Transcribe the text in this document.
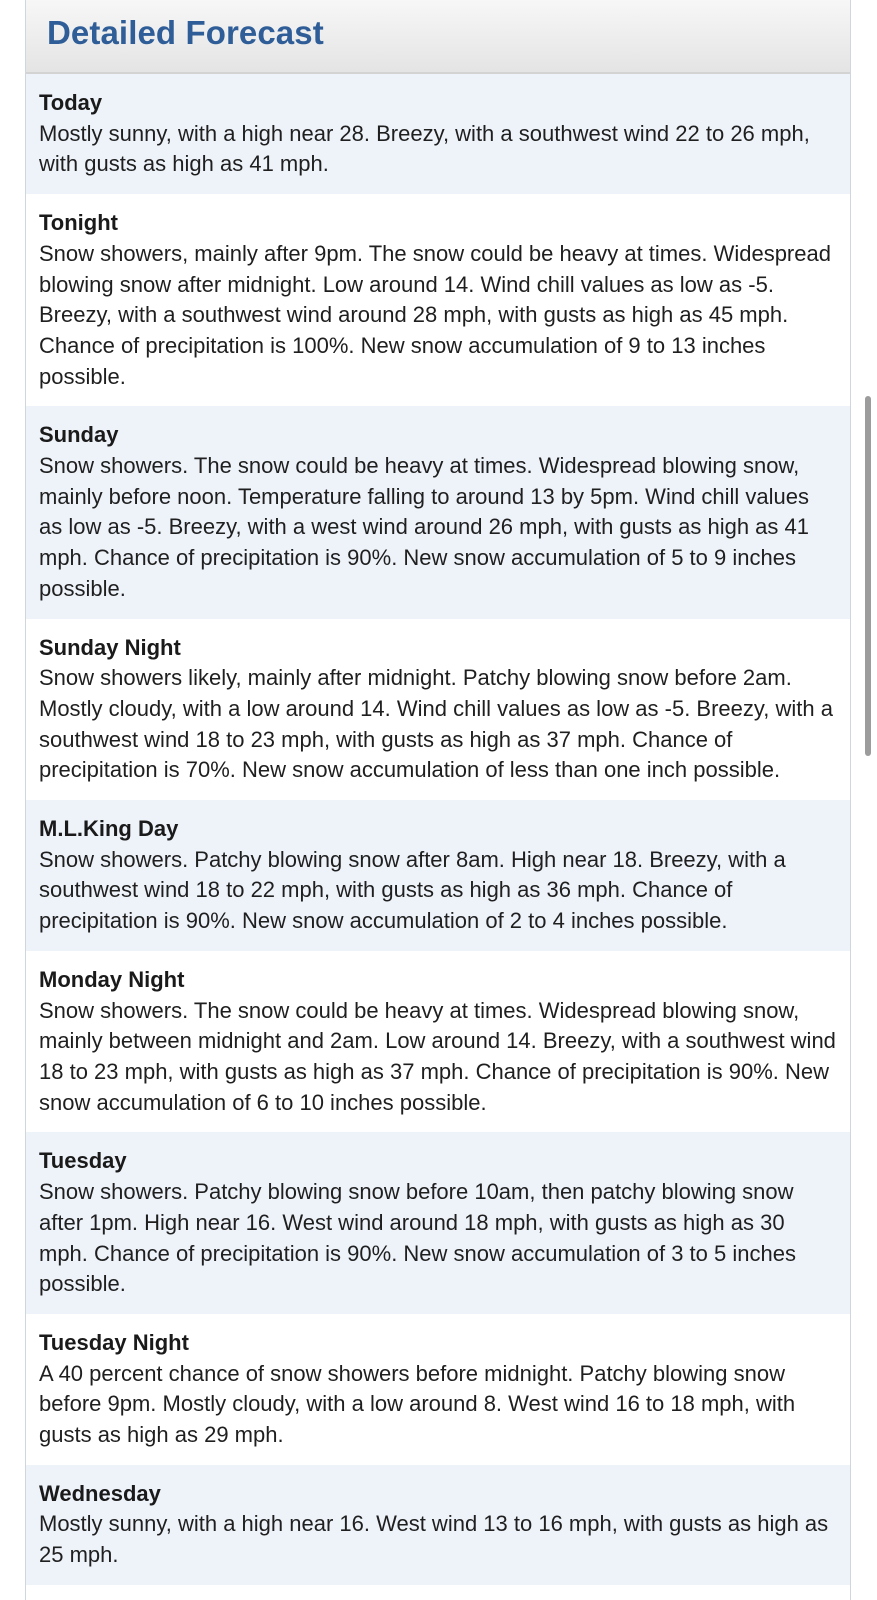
Detailed Forecast
Today
Mostly sunny, with a high near 28. Breezy, with a southwest wind 22 to 26 mph, with gusts as high as 41 mph.
Tonight
Snow showers, mainly after 9pm. The snow could be heavy at times. Widespread blowing snow after midnight. Low around 14. Wind chill values as low as -5. Breezy, with a southwest wind around 28 mph, with gusts as high as 45 mph. Chance of precipitation is 100%. New snow accumulation of 9 to 13 inches possible.
Sunday
Snow showers. The snow could be heavy at times. Widespread blowing snow, mainly before noon. Temperature falling to around 13 by 5pm. Wind chill values as low as -5. Breezy, with a west wind around 26 mph, with gusts as high as 41 mph. Chance of precipitation is 90%. New snow accumulation of 5 to 9 inches possible.
Sunday Night
Snow showers likely, mainly after midnight. Patchy blowing snow before 2am. Mostly cloudy, with a low around 14. Wind chill values as low as -5. Breezy, with a southwest wind 18 to 23 mph, with gusts as high as 37 mph. Chance of precipitation is 70%. New snow accumulation of less than one inch possible.
M.L.King Day
Snow showers. Patchy blowing snow after 8am. High near 18. Breezy, with a southwest wind 18 to 22 mph, with gusts as high as 36 mph. Chance of precipitation is 90%. New snow accumulation of 2 to 4 inches possible.
Monday Night
Snow showers. The snow could be heavy at times. Widespread blowing snow, mainly between midnight and 2am. Low around 14. Breezy, with a southwest wind 18 to 23 mph, with gusts as high as 37 mph. Chance of precipitation is 90%. New snow accumulation of 6 to 10 inches possible.
Tuesday
Snow showers. Patchy blowing snow before 10am, then patchy blowing snow after 1pm. High near 16. West wind around 18 mph, with gusts as high as 30 mph. Chance of precipitation is 90%. New snow accumulation of 3 to 5 inches possible.
Tuesday Night
A 40 percent chance of snow showers before midnight. Patchy blowing snow before 9pm. Mostly cloudy, with a low around 8. West wind 16 to 18 mph, with gusts as high as 29 mph.
Wednesday
Mostly sunny, with a high near 16. West wind 13 to 16 mph, with gusts as high as 25 mph.
